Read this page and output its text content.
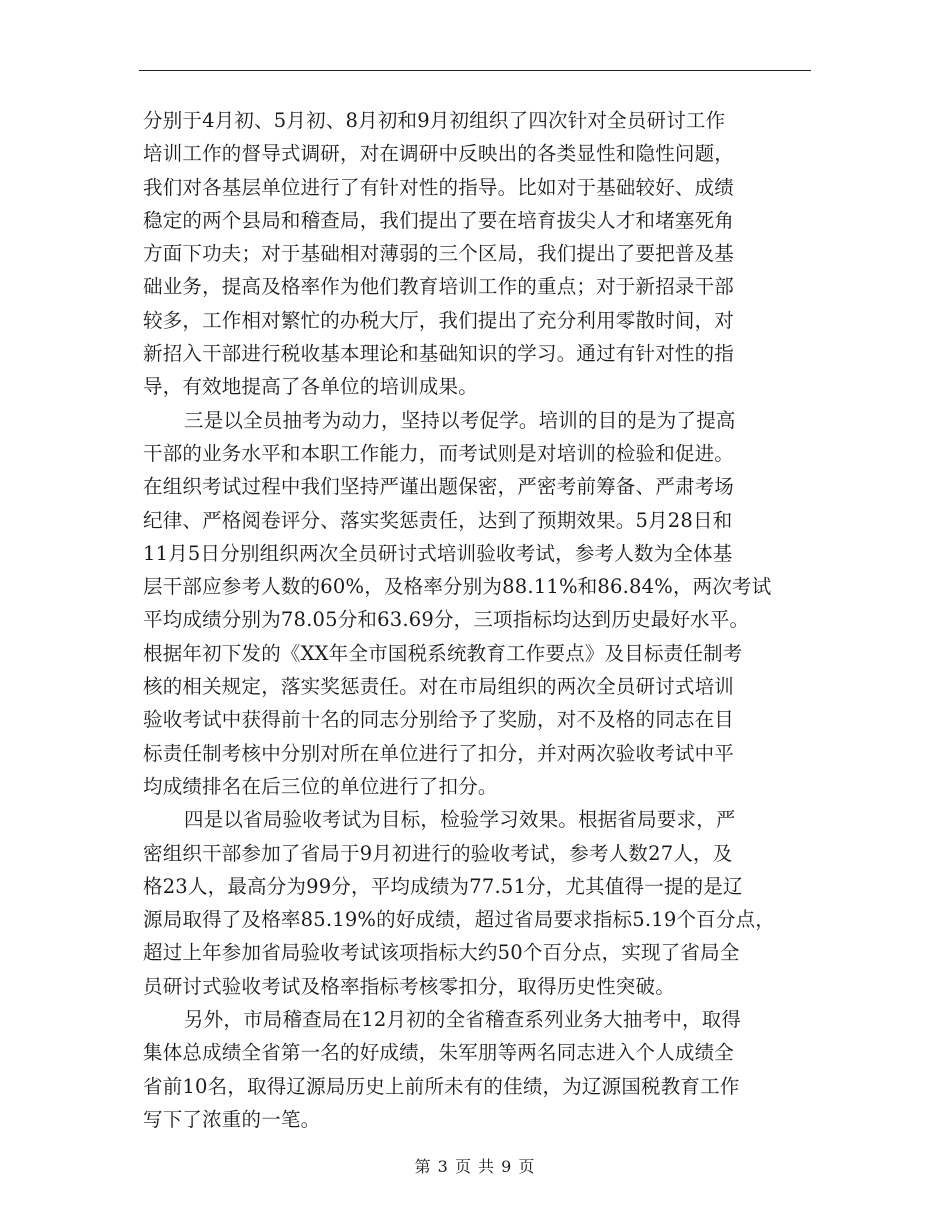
分别于4月初、5月初、8月初和9月初组织了四次针对全员研讨工作
培训工作的督导式调研，对在调研中反映出的各类显性和隐性问题，
我们对各基层单位进行了有针对性的指导。比如对于基础较好、成绩
稳定的两个县局和稽查局，我们提出了要在培育拔尖人才和堵塞死角
方面下功夫；对于基础相对薄弱的三个区局，我们提出了要把普及基
础业务，提高及格率作为他们教育培训工作的重点；对于新招录干部
较多，工作相对繁忙的办税大厅，我们提出了充分利用零散时间，对
新招入干部进行税收基本理论和基础知识的学习。通过有针对性的指
导，有效地提高了各单位的培训成果。
三是以全员抽考为动力，坚持以考促学。培训的目的是为了提高
干部的业务水平和本职工作能力，而考试则是对培训的检验和促进。
在组织考试过程中我们坚持严谨出题保密，严密考前筹备、严肃考场
纪律、严格阅卷评分、落实奖惩责任，达到了预期效果。5月28日和
11月5日分别组织两次全员研讨式培训验收考试，参考人数为全体基
层干部应参考人数的60%，及格率分别为88.11%和86.84%，两次考试
平均成绩分别为78.05分和63.69分，三项指标均达到历史最好水平。
根据年初下发的《XX年全市国税系统教育工作要点》及目标责任制考
核的相关规定，落实奖惩责任。对在市局组织的两次全员研讨式培训
验收考试中获得前十名的同志分别给予了奖励，对不及格的同志在目
标责任制考核中分别对所在单位进行了扣分，并对两次验收考试中平
均成绩排名在后三位的单位进行了扣分。
四是以省局验收考试为目标，检验学习效果。根据省局要求，严
密组织干部参加了省局于9月初进行的验收考试，参考人数27人，及
格23人，最高分为99分，平均成绩为77.51分，尤其值得一提的是辽
源局取得了及格率85.19%的好成绩，超过省局要求指标5.19个百分点，
超过上年参加省局验收考试该项指标大约50个百分点，实现了省局全
员研讨式验收考试及格率指标考核零扣分，取得历史性突破。
另外，市局稽查局在12月初的全省稽查系列业务大抽考中，取得
集体总成绩全省第一名的好成绩，朱军朋等两名同志进入个人成绩全
省前10名，取得辽源局历史上前所未有的佳绩，为辽源国税教育工作
写下了浓重的一笔。
第 3 页 共 9 页
